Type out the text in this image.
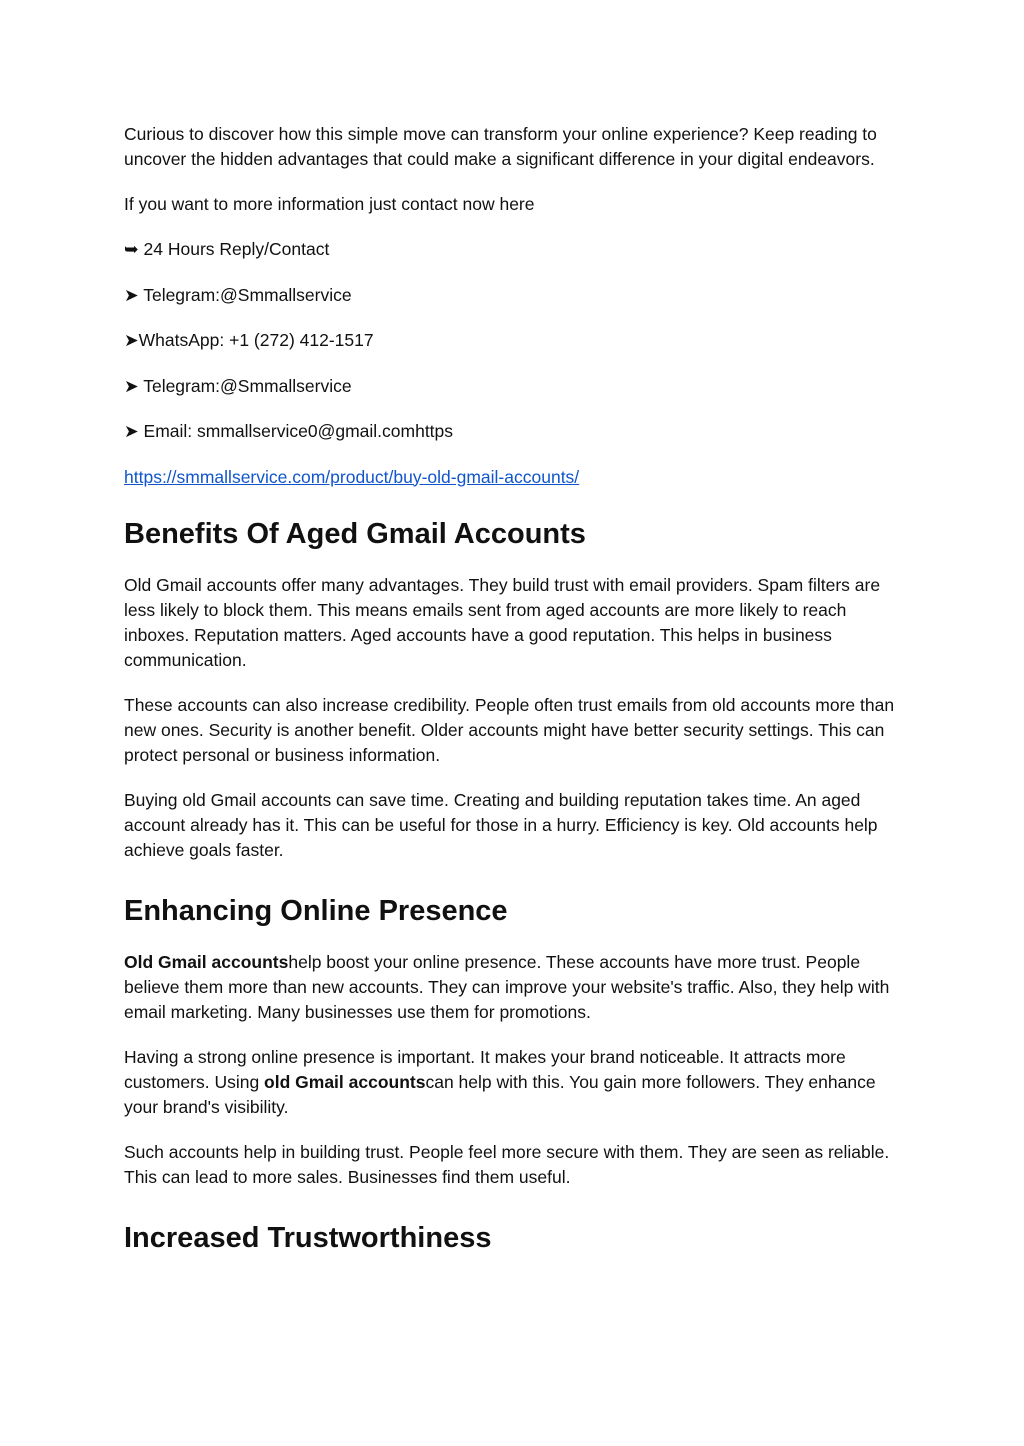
Curious to discover how this simple move can transform your online experience? Keep reading to uncover the hidden advantages that could make a significant difference in your digital endeavors.

If you want to more information just contact now here

➥ 24 Hours Reply/Contact
➤ Telegram:@Smmallservice
➤WhatsApp: +1 (272) 412-1517
➤ Telegram:@Smmallservice
➤ Email: smmallservice0@gmail.comhttps
https://smmallservice.com/product/buy-old-gmail-accounts/
Benefits Of Aged Gmail Accounts

Old Gmail accounts offer many advantages. They build trust with email providers. Spam filters are less likely to block them. This means emails sent from aged accounts are more likely to reach inboxes. Reputation matters. Aged accounts have a good reputation. This helps in business communication.

These accounts can also increase credibility. People often trust emails from old accounts more than new ones. Security is another benefit. Older accounts might have better security settings. This can protect personal or business information.

Buying old Gmail accounts can save time. Creating and building reputation takes time. An aged account already has it. This can be useful for those in a hurry. Efficiency is key. Old accounts help achieve goals faster.

Enhancing Online Presence

Old Gmail accountshelp boost your online presence. These accounts have more trust. People believe them more than new accounts. They can improve your website's traffic. Also, they help with email marketing. Many businesses use them for promotions.

Having a strong online presence is important. It makes your brand noticeable. It attracts more customers. Using old Gmail accountscan help with this. You gain more followers. They enhance your brand's visibility.

Such accounts help in building trust. People feel more secure with them. They are seen as reliable. This can lead to more sales. Businesses find them useful.

Increased Trustworthiness
